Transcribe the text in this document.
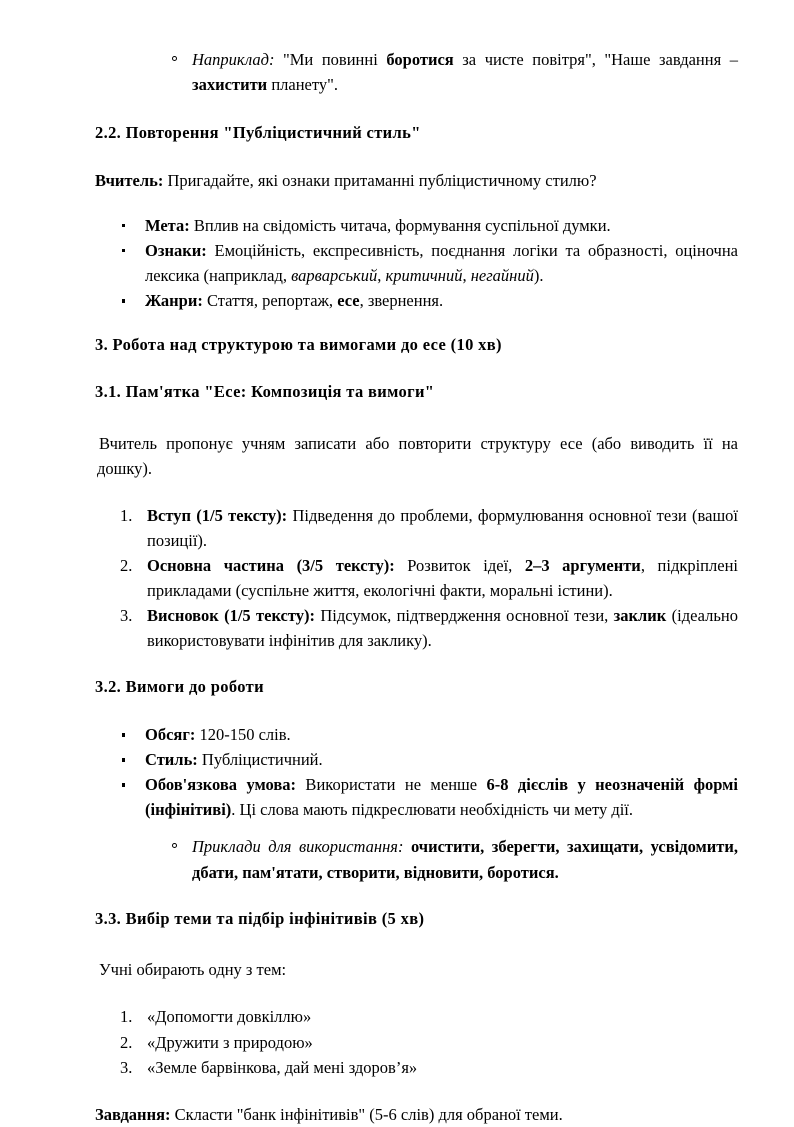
Наприклад: "Ми повинні боротися за чисте повітря", "Наше завдання – захистити планету".
2.2. Повторення "Публіцистичний стиль"

Вчитель: Пригадайте, які ознаки притаманні публіцистичному стилю?

Мета: Вплив на свідомість читача, формування суспільної думки.
Ознаки: Емоційність, експресивність, поєднання логіки та образності, оціночна лексика (наприклад, варварський, критичний, негайний).
Жанри: Стаття, репортаж, есе, звернення.
3. Робота над структурою та вимогами до есе (10 хв)
3.1. Пам'ятка "Есе: Композиція та вимоги"

Вчитель пропонує учням записати або повторити структуру есе (або виводить її на дошку).

1. Вступ (1/5 тексту): Підведення до проблеми, формулювання основної тези (вашої позиції).
2. Основна частина (3/5 тексту): Розвиток ідеї, 2–3 аргументи, підкріплені прикладами (суспільне життя, екологічні факти, моральні істини).
3. Висновок (1/5 тексту): Підсумок, підтвердження основної тези, заклик (ідеально використовувати інфінітив для заклику).
3.2. Вимоги до роботи
Обсяг: 120-150 слів.
Стиль: Публіцистичний.
Обов'язкова умова: Використати не менше 6-8 дієслів у неозначеній формі (інфінітиві). Ці слова мають підкреслювати необхідність чи мету дії.
Приклади для використання: очистити, зберегти, захищати, усвідомити, дбати, пам'ятати, створити, відновити, боротися.
3.3. Вибір теми та підбір інфінітивів (5 хв)

Учні обирають одну з тем:

1. «Допомогти довкіллю»
2. «Дружити з природою»
3. «Земле барвінкова, дай мені здоров’я»

Завдання: Скласти "банк інфінітивів" (5-6 слів) для обраної теми.
